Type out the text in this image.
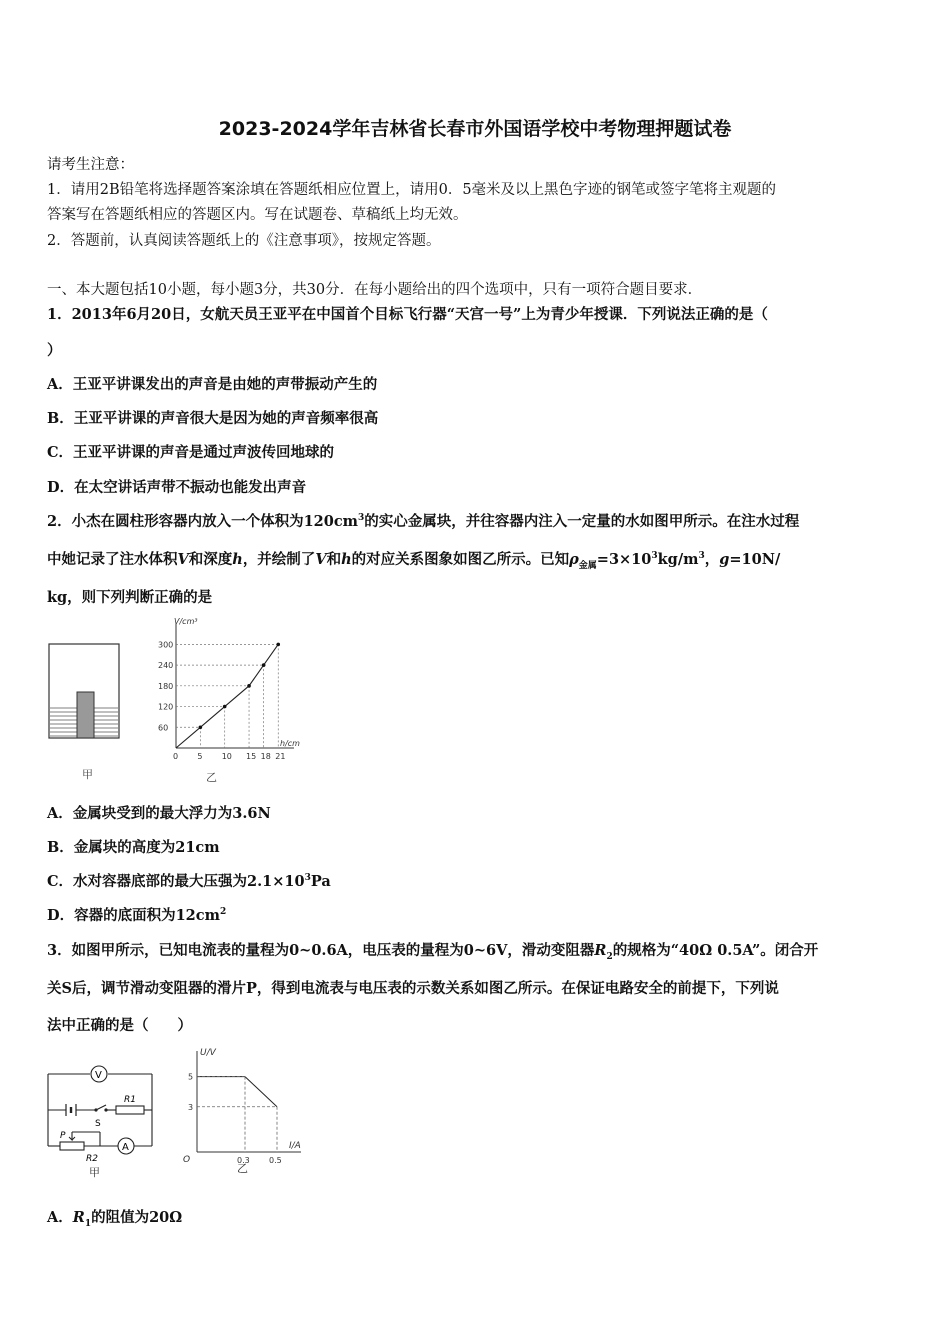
2023-2024学年吉林省长春市外国语学校中考物理押题试卷
请考生注意：
1．请用2B铅笔将选择题答案涂填在答题纸相应位置上，请用0．5毫米及以上黑色字迹的钢笔或签字笔将主观题的
答案写在答题纸相应的答题区内。写在试题卷、草稿纸上均无效。
2．答题前，认真阅读答题纸上的《注意事项》，按规定答题。
一、本大题包括10小题，每小题3分，共30分．在每小题给出的四个选项中，只有一项符合题目要求．
1．2013年6月20日，女航天员王亚平在中国首个目标飞行器“天宫一号”上为青少年授课．下列说法正确的是（
）
A．王亚平讲课发出的声音是由她的声带振动产生的
B．王亚平讲课的声音很大是因为她的声音频率很高
C．王亚平讲课的声音是通过声波传回地球的
D．在太空讲话声带不振动也能发出声音
2．小杰在圆柱形容器内放入一个体积为$120cm^3$的实心金属块，并往容器内注入一定量的水如图甲所示。在注水过程
中她记录了注水体积V和深度h，并绘制了V和h的对应关系图象如图乙所示。已知$\rho_{金属}=3\times 10^3kg/m^3$，g=10N/
kg，则下列判断正确的是
甲
h/cm
V/cm³
0 5 10 15 18 21
60
120
180
240
300
乙
A．金属块受到的最大浮力为3.6N
B．金属块的高度为21cm
C．水对容器底部的最大压强为$2.1\times 10^3Pa$
D．容器的底面积为$12cm^2$
3．如图甲所示，已知电流表的量程为0~0.6A，电压表的量程为0~6V，滑动变阻器$R_2$的规格为“40Ω 0.5A”。闭合开
关S后，调节滑动变阻器的滑片P，得到电流表与电压表的示数关系如图乙所示。在保证电路安全的前提下，下列说
法中正确的是（　　）
V
S
R1
P
R2
A
甲
I/A
U/V
O	0.3
5
0.5
3
乙
A．$R_1$的阻值为20Ω
